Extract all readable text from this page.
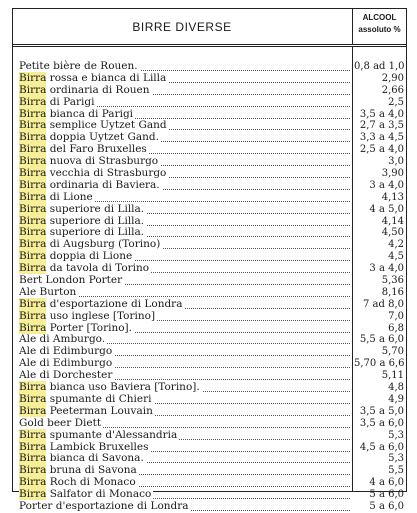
BIRRE DIVERSE
ALCOOL
assoluto %
Petite bière de Rouen.	0,8 ad 1,0
Birra rossa e bianca di Lilla	2,90
Birra ordinaria di Rouen	2,66
Birra di Parigi	2,5
Birra bianca di Parigi	3,5 a 4,0
Birra semplice Uytzet Gand	2,7 a 3,5
Birra doppia Uytzet Gand.	3,3 a 4,5
Birra del Faro Bruxelles	2,5 a 4,0
Birra nuova di Strasburgo	3,0
Birra vecchia di Strasburgo	3,90
Birra ordinaria di Baviera.	3 a 4,0
Birra di Lione	4,13
Birra superiore di Lilla.	4 a 5,0
Birra superiore di Lilla.	4,14
Birra superiore di Lilla.	4,50
Birra di Augsburg (Torino)	4,2
Birra doppia di Lione	4,5
Birra da tavola di Torino	3 a 4,0
Bert London Porter	5,36
Ale Burton	8,16
Birra d'esportazione di Londra	7 ad 8,0
Birra uso inglese [Torino]	7,0
Birra Porter [Torino].	6,8
Ale di Amburgo.	5,5 a 6,0
Ale di Edimburgo	5,70
Ale di Edimburgo	5,70 a 6,6
Ale di Dorchester	5,11
Birra bianca uso Baviera [Torino].	4,8
Birra spumante di Chieri	4,9
Birra Peeterman Louvain	3,5 a 5,0
Gold beer Diett	3,5 a 6,0
Birra spumante d'Alessandria	5,3
Birra Lambick Bruxelles	4,5 a 6,0
Birra bianca di Savona.	5,3
Birra bruna di Savona	5,5
Birra Roch di Monaco	4 a 6,0
Birra Salfator di Monaco	5 a 6,0
Porter d'esportazione di Londra	5 a 6,0
